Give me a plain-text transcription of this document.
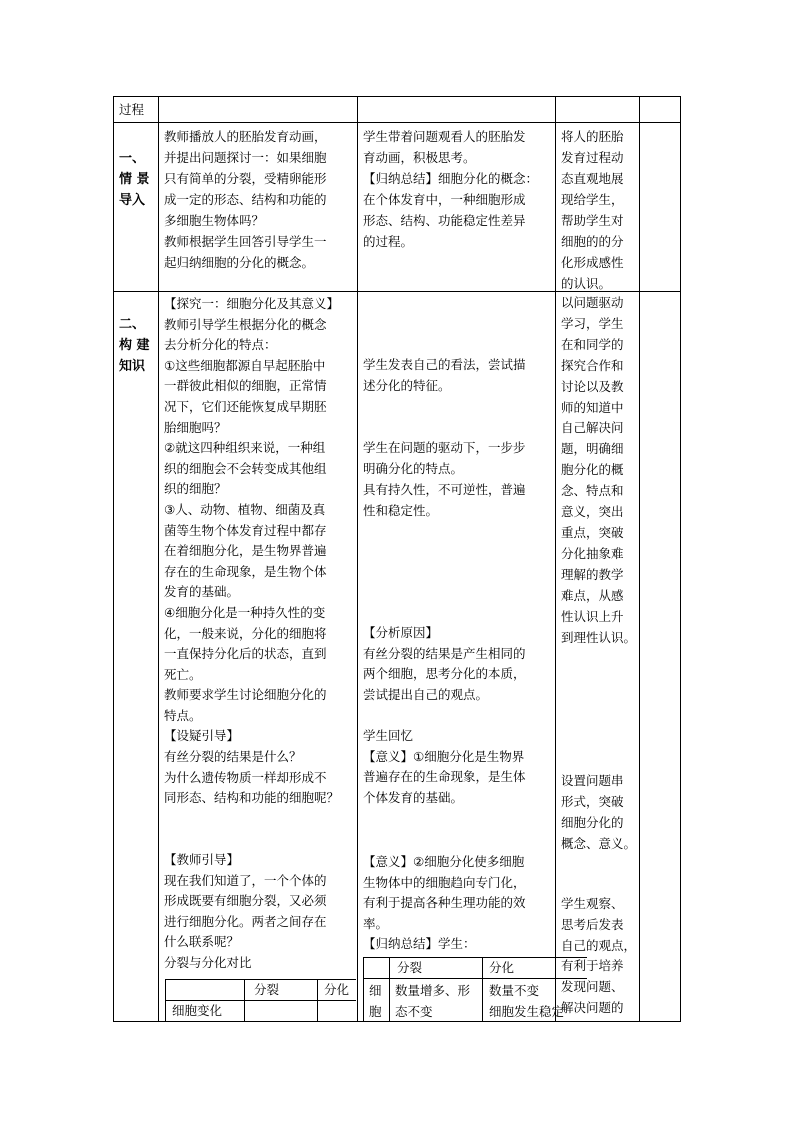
过程
一、
情 景
导入
教师播放人的胚胎发育动画，
并提出问题探讨一：如果细胞
只有简单的分裂，受精卵能形
成一定的形态、结构和功能的
多细胞生物体吗？
教师根据学生回答引导学生一
起归纳细胞的分化的概念。
学生带着问题观看人的胚胎发
育动画，积极思考。
【归纳总结】细胞分化的概念：
在个体发育中，一种细胞形成
形态、结构、功能稳定性差异
的过程。
将人的胚胎
发育过程动
态直观地展
现给学生，
帮助学生对
细胞的的分
化形成感性
的认识。
二、
构 建
知识
【探究一：细胞分化及其意义】
教师引导学生根据分化的概念
去分析分化的特点：
①这些细胞都源自早起胚胎中
一群彼此相似的细胞，正常情
况下，它们还能恢复成早期胚
胎细胞吗？
②就这四种组织来说，一种组
织的细胞会不会转变成其他组
织的细胞？
③人、动物、植物、细菌及真
菌等生物个体发育过程中都存
在着细胞分化，是生物界普遍
存在的生命现象，是生物个体
发育的基础。
④细胞分化是一种持久性的变
化，一般来说，分化的细胞将
一直保持分化后的状态，直到
死亡。
教师要求学生讨论细胞分化的
特点。
【设疑引导】
有丝分裂的结果是什么？
为什么遗传物质一样却形成不
同形态、结构和功能的细胞呢？
【教师引导】
现在我们知道了，一个个体的
形成既要有细胞分裂，又必须
进行细胞分化。两者之间存在
什么联系呢？
分裂与分化对比
分裂	分化
细胞变化
学生发表自己的看法，尝试描
述分化的特征。
学生在问题的驱动下，一步步
明确分化的特点。
具有持久性，不可逆性，普遍
性和稳定性。
【分析原因】
有丝分裂的结果是产生相同的
两个细胞，思考分化的本质，
尝试提出自己的观点。
学生回忆
【意义】①细胞分化是生物界
普遍存在的生命现象，是生体
个体发育的基础。
【意义】②细胞分化使多细胞
生物体中的细胞趋向专门化，
有利于提高各种生理功能的效
率。
【归纳总结】学生：
分裂	分化
细
胞
数量增多、形
态不变
数量不变
细胞发生稳定
以问题驱动
学习，学生
在和同学的
探究合作和
讨论以及教
师的知道中
自己解决问
题，明确细
胞分化的概
念、特点和
意义，突出
重点，突破
分化抽象难
理解的教学
难点，从感
性认识上升
到理性认识。
设置问题串
形式，突破
细胞分化的
概念、意义。
学生观察、
思考后发表
自己的观点，
有利于培养
发现问题、
解决问题的
